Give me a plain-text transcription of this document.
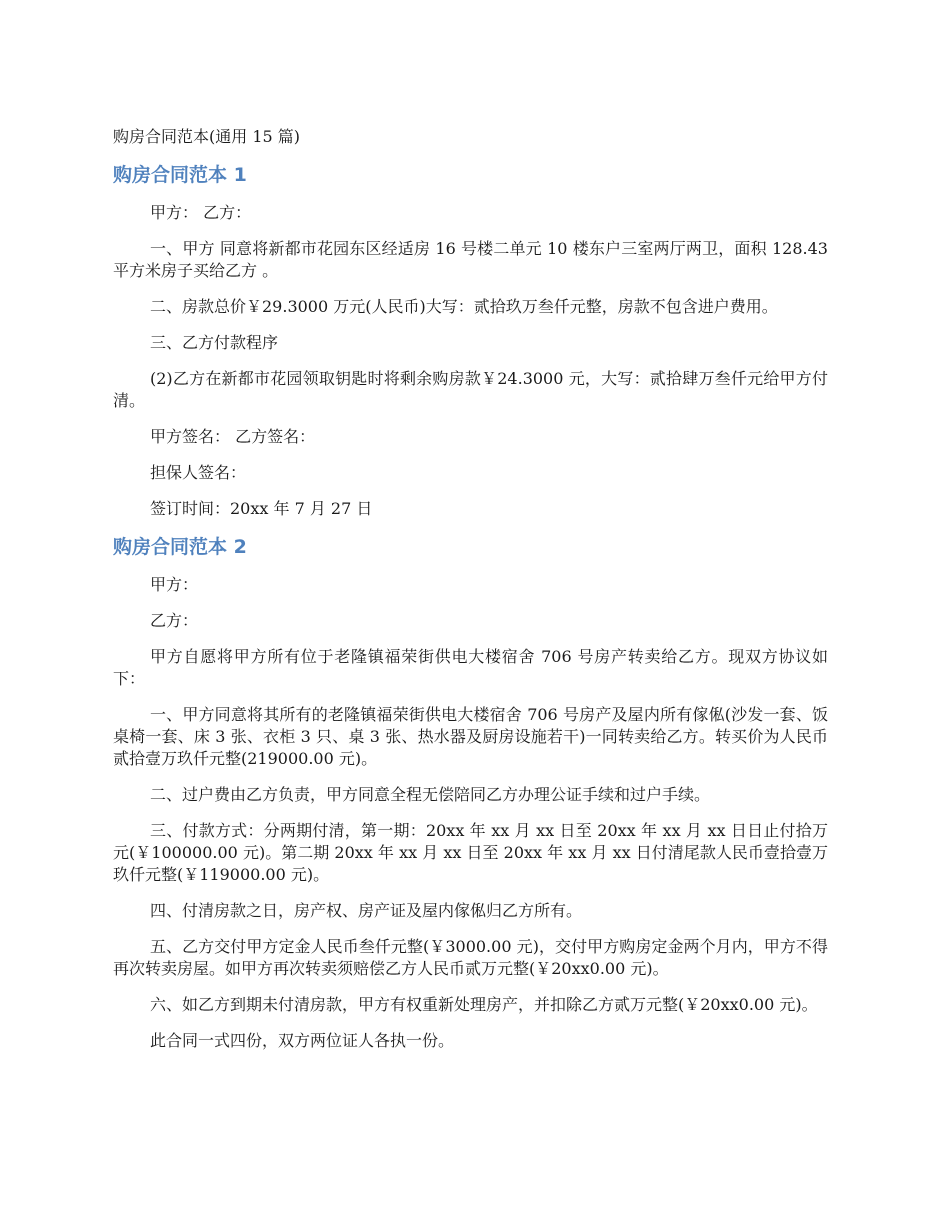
购房合同范本(通用 15 篇)

购房合同范本 1

甲方： 乙方：

一、甲方 同意将新都市花园东区经适房 16 号楼二单元 10 楼东户三室两厅两卫，面积 128.43 平方米房子买给乙方 。

二、房款总价￥29.3000 万元(人民币)大写：贰拾玖万叁仟元整，房款不包含进户费用。

三、乙方付款程序

(2)乙方在新都市花园领取钥匙时将剩余购房款￥24.3000 元，大写：贰拾肆万叁仟元给甲方付清。

甲方签名： 乙方签名：

担保人签名：

签订时间：20xx 年 7 月 27 日

购房合同范本 2

甲方：

乙方：

甲方自愿将甲方所有位于老隆镇福荣街供电大楼宿舍 706 号房产转卖给乙方。现双方协议如下：

一、甲方同意将其所有的老隆镇福荣街供电大楼宿舍 706 号房产及屋内所有傢俬(沙发一套、饭桌椅一套、床 3 张、衣柜 3 只、桌 3 张、热水器及厨房设施若干)一同转卖给乙方。转买价为人民币贰拾壹万玖仟元整(219000.00 元)。

二、过户费由乙方负责，甲方同意全程无偿陪同乙方办理公证手续和过户手续。

三、付款方式：分两期付清，第一期：20xx 年 xx 月 xx 日至 20xx 年 xx 月 xx 日日止付拾万元(￥100000.00 元)。第二期 20xx 年 xx 月 xx 日至 20xx 年 xx 月 xx 日付清尾款人民币壹拾壹万玖仟元整(￥119000.00 元)。

四、付清房款之日，房产权、房产证及屋内傢俬归乙方所有。

五、乙方交付甲方定金人民币叁仟元整(￥3000.00 元)，交付甲方购房定金两个月内，甲方不得再次转卖房屋。如甲方再次转卖须赔偿乙方人民币贰万元整(￥20xx0.00 元)。

六、如乙方到期未付清房款，甲方有权重新处理房产，并扣除乙方贰万元整(￥20xx0.00 元)。

此合同一式四份，双方两位证人各执一份。
